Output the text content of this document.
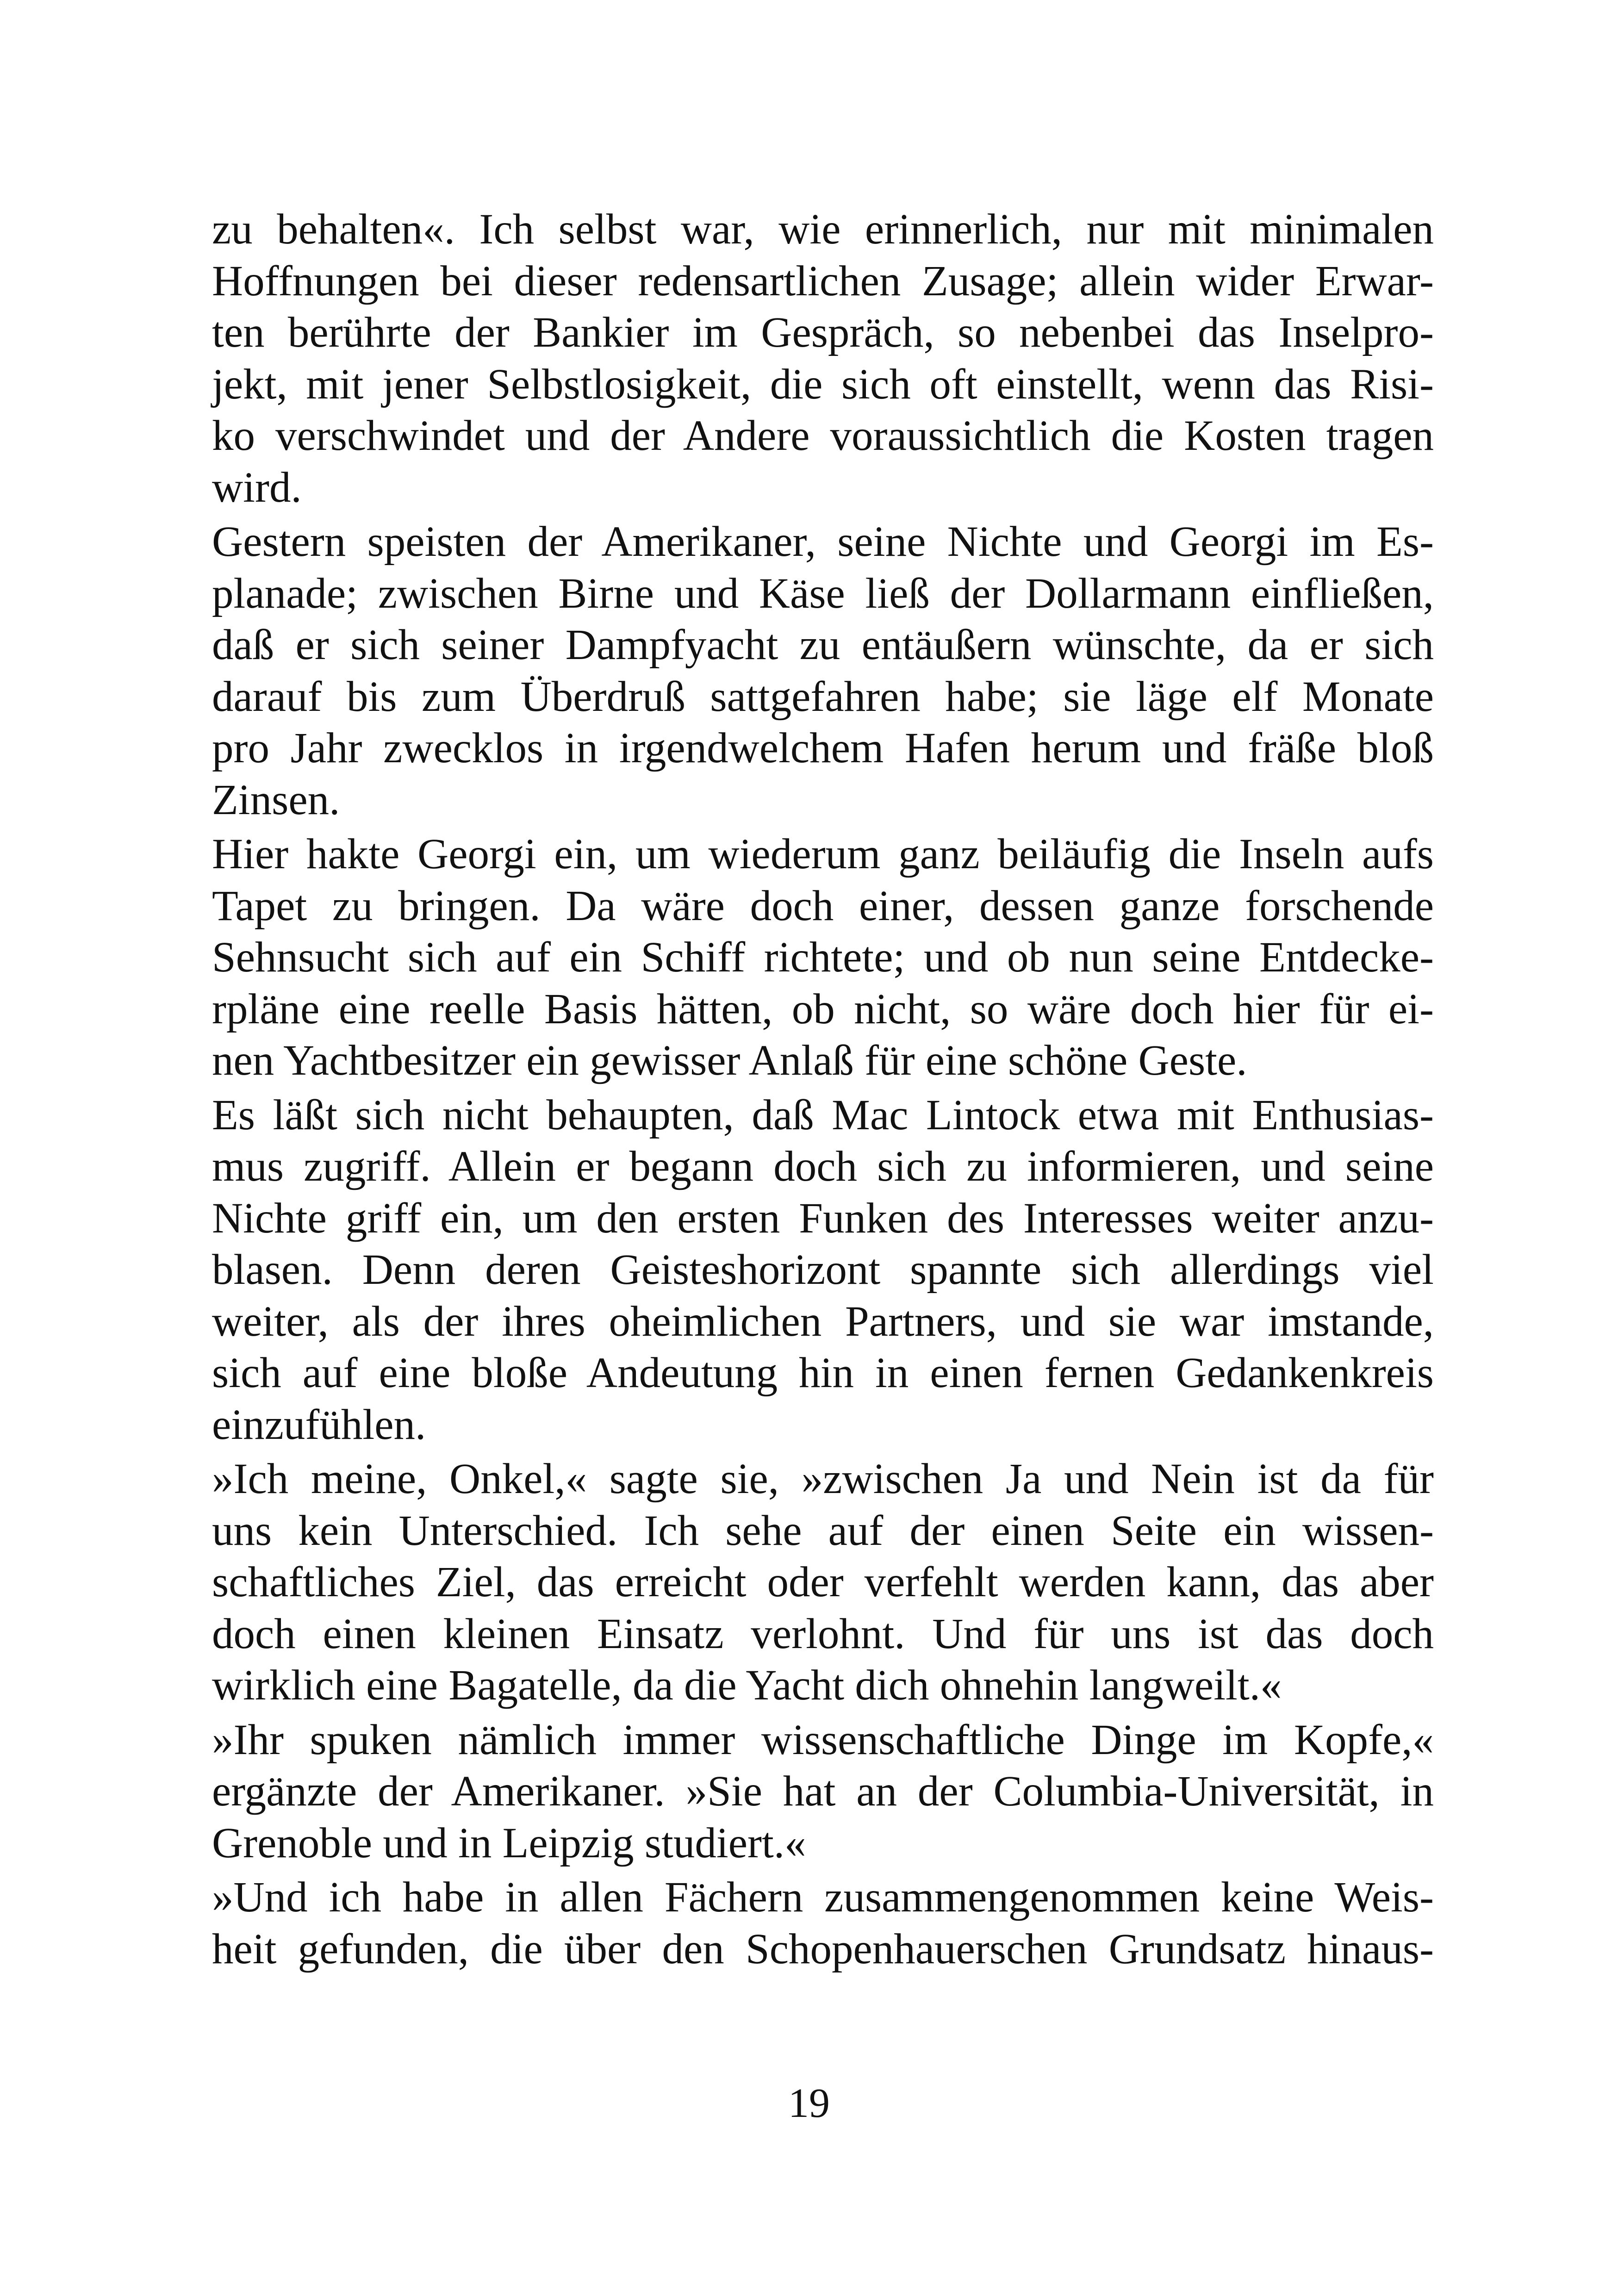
zu behalten«. Ich selbst war, wie erinnerlich, nur mit minimalen
Hoffnungen bei dieser redensartlichen Zusage; allein wider Erwar-
ten berührte der Bankier im Gespräch, so nebenbei das Inselpro-
jekt, mit jener Selbstlosigkeit, die sich oft einstellt, wenn das Risi-
ko verschwindet und der Andere voraussichtlich die Kosten tragen
wird.
Gestern speisten der Amerikaner, seine Nichte und Georgi im Es-
planade; zwischen Birne und Käse ließ der Dollarmann einfließen,
daß er sich seiner Dampfyacht zu entäußern wünschte, da er sich
darauf bis zum Überdruß sattgefahren habe; sie läge elf Monate
pro Jahr zwecklos in irgendwelchem Hafen herum und fräße bloß
Zinsen.
Hier hakte Georgi ein, um wiederum ganz beiläufig die Inseln aufs
Tapet zu bringen. Da wäre doch einer, dessen ganze forschende
Sehnsucht sich auf ein Schiff richtete; und ob nun seine Entdecke-
rpläne eine reelle Basis hätten, ob nicht, so wäre doch hier für ei-
nen Yachtbesitzer ein gewisser Anlaß für eine schöne Geste.
Es läßt sich nicht behaupten, daß Mac Lintock etwa mit Enthusias-
mus zugriff. Allein er begann doch sich zu informieren, und seine
Nichte griff ein, um den ersten Funken des Interesses weiter anzu-
blasen. Denn deren Geisteshorizont spannte sich allerdings viel
weiter, als der ihres oheimlichen Partners, und sie war imstande,
sich auf eine bloße Andeutung hin in einen fernen Gedankenkreis
einzufühlen.
»Ich meine, Onkel,« sagte sie, »zwischen Ja und Nein ist da für
uns kein Unterschied. Ich sehe auf der einen Seite ein wissen-
schaftliches Ziel, das erreicht oder verfehlt werden kann, das aber
doch einen kleinen Einsatz verlohnt. Und für uns ist das doch
wirklich eine Bagatelle, da die Yacht dich ohnehin langweilt.«
»Ihr spuken nämlich immer wissenschaftliche Dinge im Kopfe,«
ergänzte der Amerikaner. »Sie hat an der Columbia-Universität, in
Grenoble und in Leipzig studiert.«
»Und ich habe in allen Fächern zusammengenommen keine Weis-
heit gefunden, die über den Schopenhauerschen Grundsatz hinaus-
19
